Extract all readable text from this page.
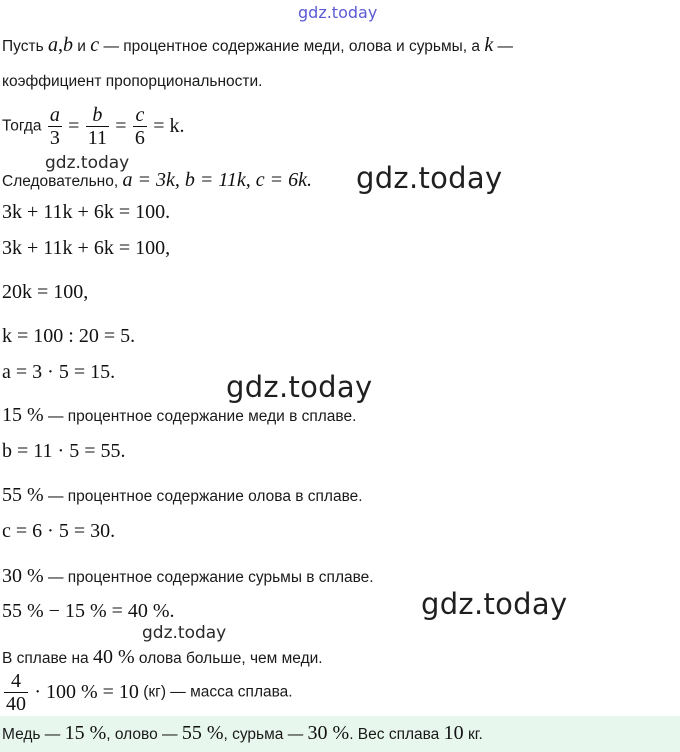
gdz.today
Пусть a,b и c — процентное содержание меди, олова и сурьмы, а k —
коэффициент пропорциональности.
Тогда $\frac{a}{3} = \frac{b}{11} = \frac{c}{6} = k$.
gdz.today
Следовательно, a = 3k, b = 11k, c = 6k. gdz.today
3k + 11k + 6k = 100.
3k + 11k + 6k = 100,
20k = 100,
k = 100 : 20 = 5.
a = 3 · 5 = 15.	gdz.today
15 % — процентное содержание меди в сплаве.
b = 11 · 5 = 55.
55 % — процентное содержание олова в сплаве.
c = 6 · 5 = 30.
30 % — процентное содержание сурьмы в сплаве.
55 % − 15 % = 40 %.	gdz.today
gdz.today
В сплаве на 40 % олова больше, чем меди.
$\frac{4}{40} \cdot 100$ % = 10 (кг) — масса сплава.
Медь — 15 %, олово — 55 %, сурьма — 30 %. Вес сплава 10 кг.
